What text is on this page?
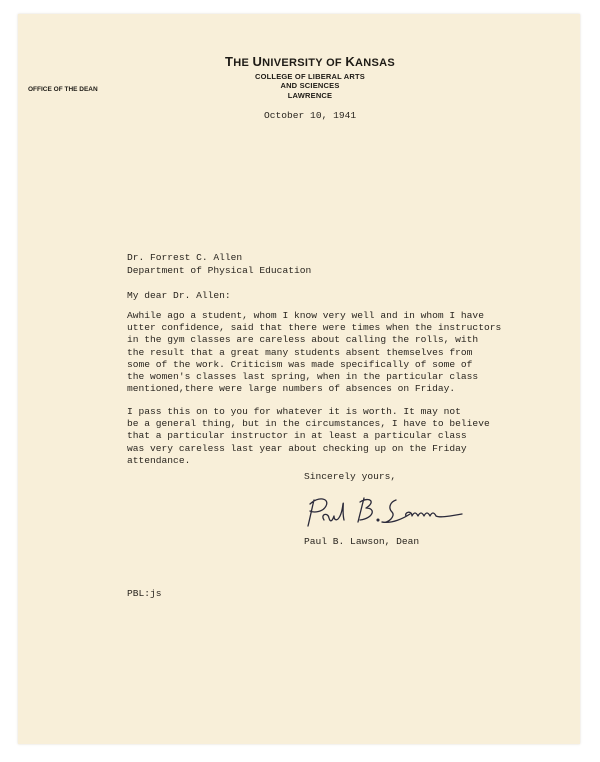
THE UNIVERSITY OF KANSAS
COLLEGE OF LIBERAL ARTS
AND SCIENCES
LAWRENCE
OFFICE OF THE DEAN
October 10, 1941
Dr. Forrest C. Allen
Department of Physical Education
My dear Dr. Allen:
Awhile ago a student, whom I know very well and in whom I have
utter confidence, said that there were times when the instructors
in the gym classes are careless about calling the rolls, with
the result that a great many students absent themselves from
some of the work. Criticism was made specifically of some of
the women's classes last spring, when in the particular class
mentioned,there were large numbers of absences on Friday.
I pass this on to you for whatever it is worth. It may not
be a general thing, but in the circumstances, I have to believe
that a particular instructor in at least a particular class
was very careless last year about checking up on the Friday
attendance.
Sincerely yours,
Paul B. Lawson, Dean
PBL:js
